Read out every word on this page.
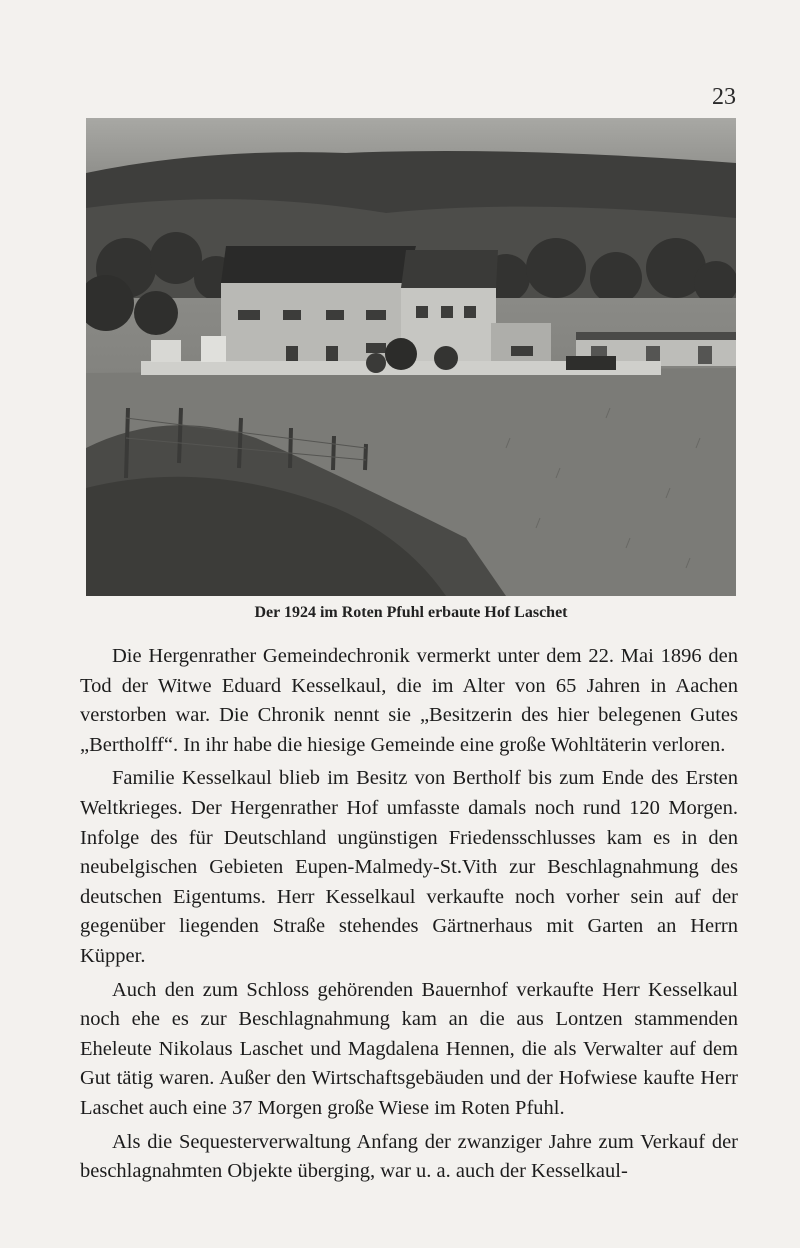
23
Der 1924 im Roten Pfuhl erbaute Hof Laschet

Die Hergenrather Gemeindechronik vermerkt unter dem 22. Mai 1896 den Tod der Witwe Eduard Kesselkaul, die im Alter von 65 Jahren in Aachen verstorben war. Die Chronik nennt sie „Besitzerin des hier belegenen Gutes „Bertholff“. In ihr habe die hiesige Gemeinde eine große Wohltäterin verloren.

Familie Kesselkaul blieb im Besitz von Bertholf bis zum Ende des Ersten Weltkrieges. Der Hergenrather Hof umfasste damals noch rund 120 Morgen. Infolge des für Deutschland ungünstigen Friedensschlusses kam es in den neubelgischen Gebieten Eupen-Malmedy-St.Vith zur Beschlagnahmung des deutschen Eigentums. Herr Kesselkaul verkaufte noch vorher sein auf der gegenüber liegenden Straße stehendes Gärtnerhaus mit Garten an Herrn Küpper.

Auch den zum Schloss gehörenden Bauernhof verkaufte Herr Kesselkaul noch ehe es zur Beschlagnahmung kam an die aus Lontzen stammenden Eheleute Nikolaus Laschet und Magdalena Hennen, die als Verwalter auf dem Gut tätig waren. Außer den Wirtschaftsgebäuden und der Hofwiese kaufte Herr Laschet auch eine 37 Morgen große Wiese im Roten Pfuhl.

Als die Sequesterverwaltung Anfang der zwanziger Jahre zum Verkauf der beschlagnahmten Objekte überging, war u. a. auch der Kesselkaul-
